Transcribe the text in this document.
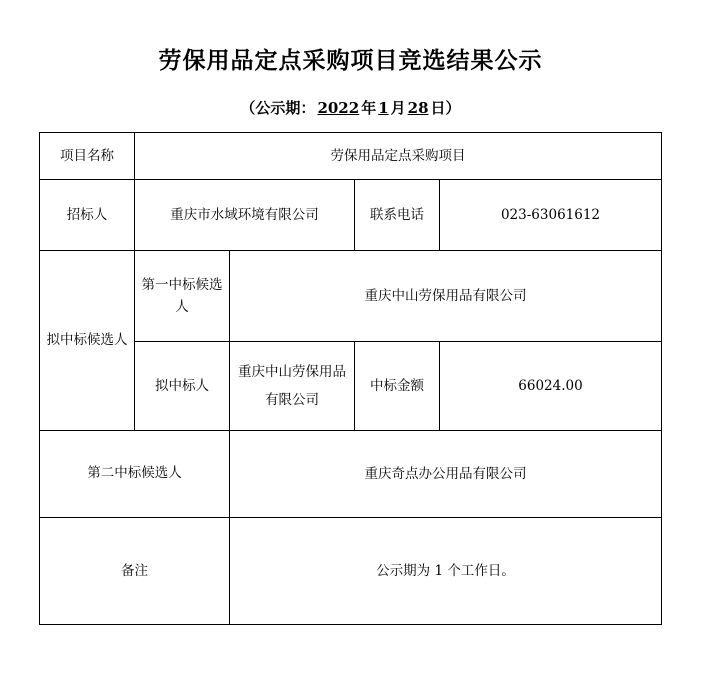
劳保用品定点采购项目竞选结果公示
（公示期： 2022 年 1 月 28 日）
项目名称	劳保用品定点采购项目			
招标人	重庆市水域环境有限公司		联系电话	023-63061612
拟中标候选人	第一中标候选人	重庆中山劳保用品有限公司		
	拟中标人	重庆中山劳保用品有限公司	中标金额	66024.00
第二中标候选人		重庆奇点办公用品有限公司		
备注		公示期为 1 个工作日。		
